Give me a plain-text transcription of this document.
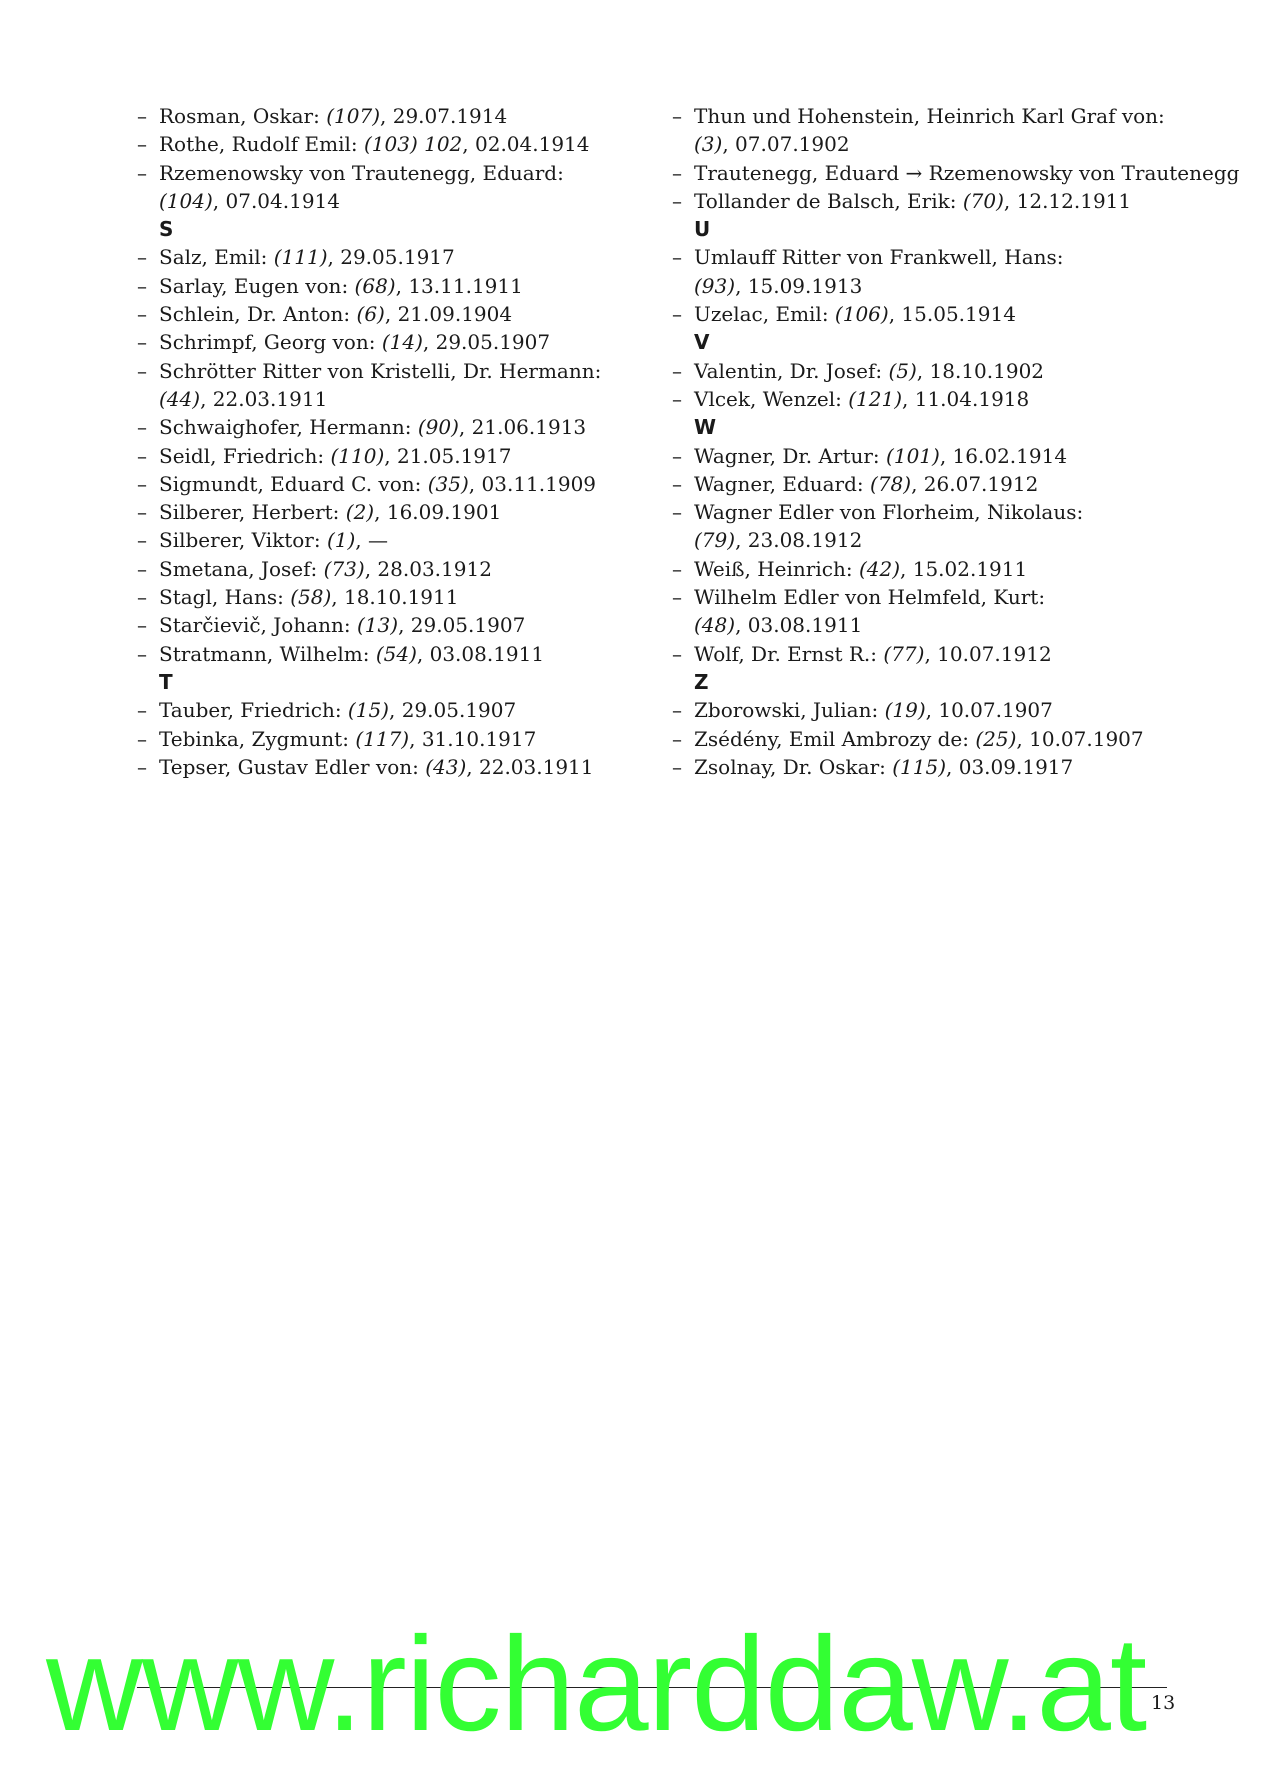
– Rosman, Oskar: (107), 29.07.1914
– Rothe, Rudolf Emil: (103) 102, 02.04.1914
– Rzemenowsky von Trautenegg, Eduard:
(104), 07.04.1914
S
– Salz, Emil: (111), 29.05.1917
– Sarlay, Eugen von: (68), 13.11.1911
– Schlein, Dr. Anton: (6), 21.09.1904
– Schrimpf, Georg von: (14), 29.05.1907
– Schrötter Ritter von Kristelli, Dr. Hermann:
(44), 22.03.1911
– Schwaighofer, Hermann: (90), 21.06.1913
– Seidl, Friedrich: (110), 21.05.1917
– Sigmundt, Eduard C. von: (35), 03.11.1909
– Silberer, Herbert: (2), 16.09.1901
– Silberer, Viktor: (1), —
– Smetana, Josef: (73), 28.03.1912
– Stagl, Hans: (58), 18.10.1911
– Starčievič, Johann: (13), 29.05.1907
– Stratmann, Wilhelm: (54), 03.08.1911
T
– Tauber, Friedrich: (15), 29.05.1907
– Tebinka, Zygmunt: (117), 31.10.1917
– Tepser, Gustav Edler von: (43), 22.03.1911
– Thun und Hohenstein, Heinrich Karl Graf von:
(3), 07.07.1902
– Trautenegg, Eduard → Rzemenowsky von Trautenegg
– Tollander de Balsch, Erik: (70), 12.12.1911
U
– Umlauff Ritter von Frankwell, Hans:
(93), 15.09.1913
– Uzelac, Emil: (106), 15.05.1914
V
– Valentin, Dr. Josef: (5), 18.10.1902
– Vlcek, Wenzel: (121), 11.04.1918
W
– Wagner, Dr. Artur: (101), 16.02.1914
– Wagner, Eduard: (78), 26.07.1912
– Wagner Edler von Florheim, Nikolaus:
(79), 23.08.1912
– Weiß, Heinrich: (42), 15.02.1911
– Wilhelm Edler von Helmfeld, Kurt:
(48), 03.08.1911
– Wolf, Dr. Ernst R.: (77), 10.07.1912
Z
– Zborowski, Julian: (19), 10.07.1907
– Zsédény, Emil Ambrozy de: (25), 10.07.1907
– Zsolnay, Dr. Oskar: (115), 03.09.1917
13
www.richarddaw.at
